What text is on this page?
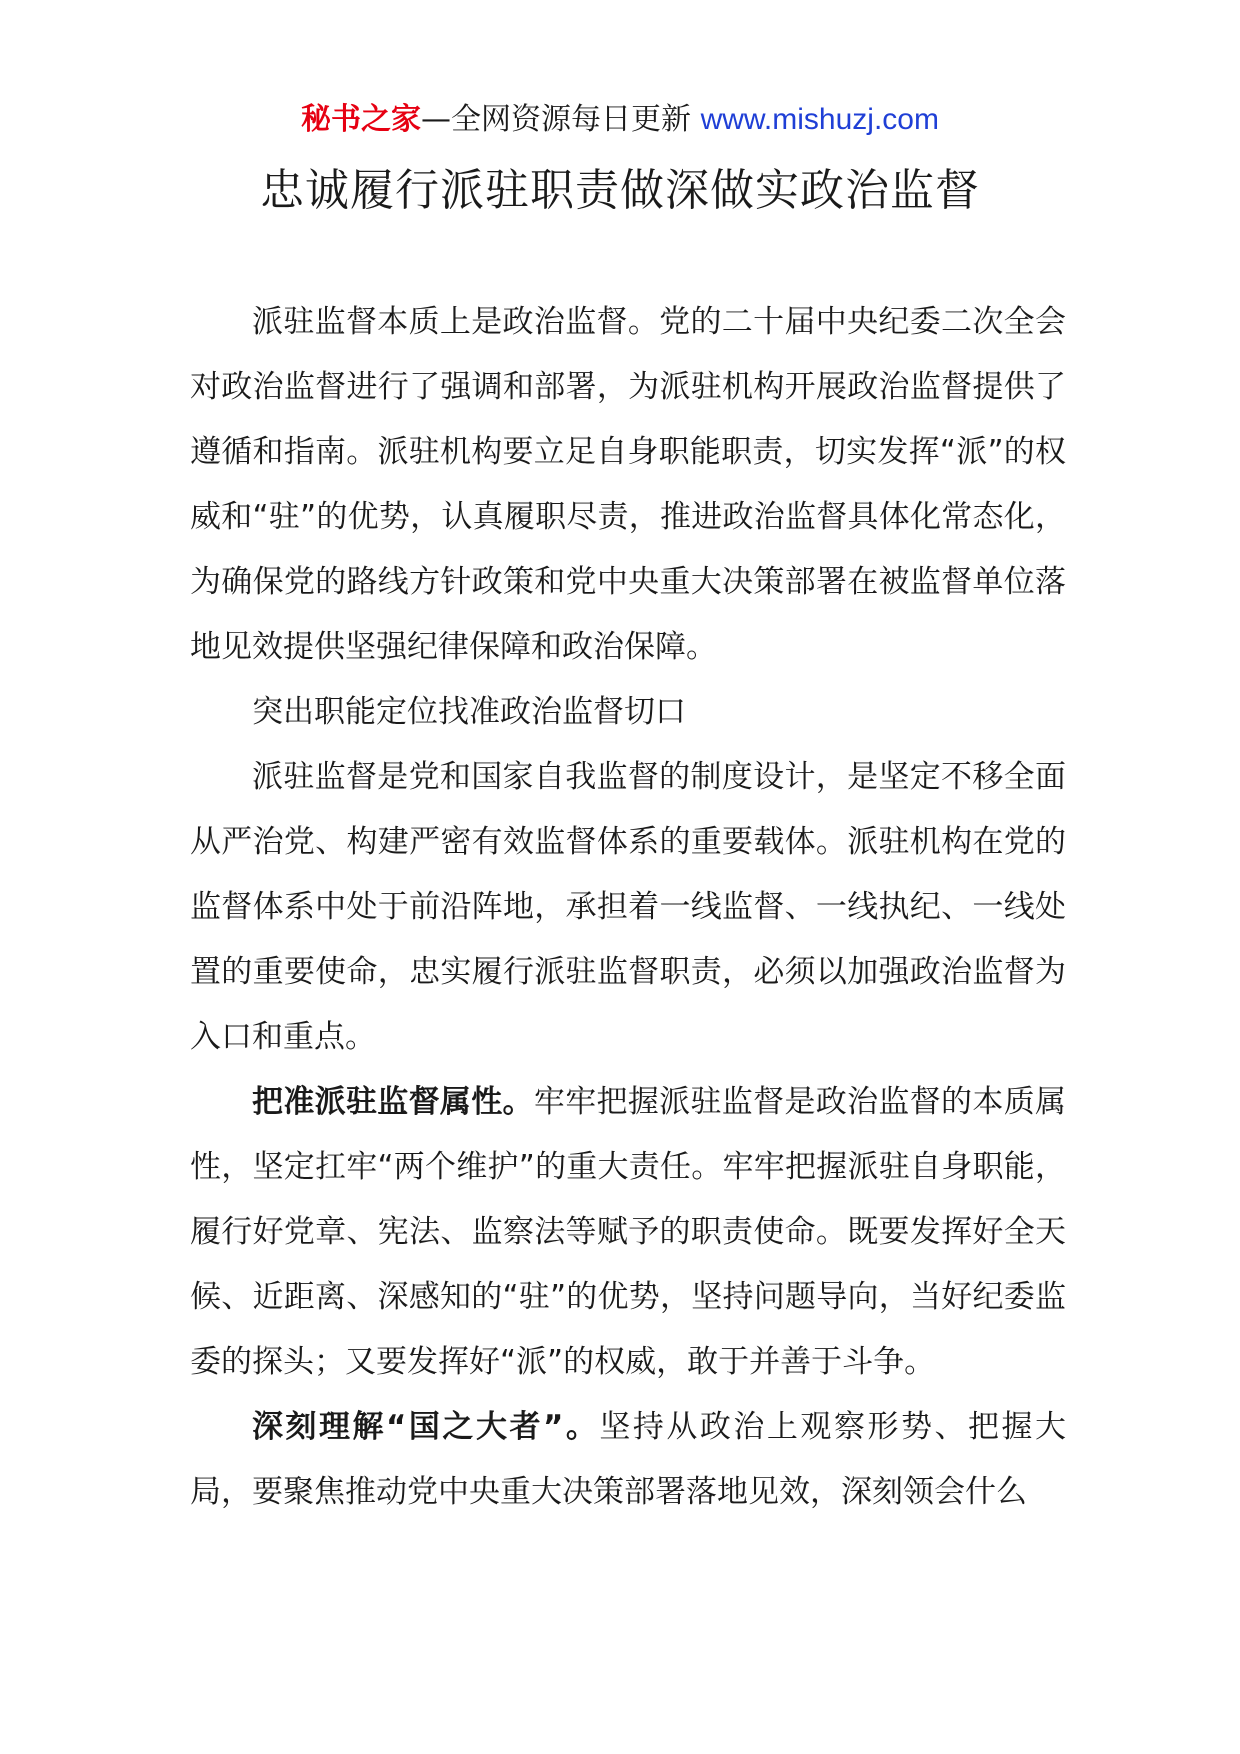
秘书之家—全网资源每日更新 www.mishuzj.com
忠诚履行派驻职责做深做实政治监督

派驻监督本质上是政治监督。党的二十届中央纪委二次全会对政治监督进行了强调和部署，为派驻机构开展政治监督提供了遵循和指南。派驻机构要立足自身职能职责，切实发挥“派”的权威和“驻”的优势，认真履职尽责，推进政治监督具体化常态化，为确保党的路线方针政策和党中央重大决策部署在被监督单位落地见效提供坚强纪律保障和政治保障。

突出职能定位找准政治监督切口

派驻监督是党和国家自我监督的制度设计，是坚定不移全面从严治党、构建严密有效监督体系的重要载体。派驻机构在党的监督体系中处于前沿阵地，承担着一线监督、一线执纪、一线处置的重要使命，忠实履行派驻监督职责，必须以加强政治监督为入口和重点。

把准派驻监督属性。牢牢把握派驻监督是政治监督的本质属性，坚定扛牢“两个维护”的重大责任。牢牢把握派驻自身职能，履行好党章、宪法、监察法等赋予的职责使命。既要发挥好全天候、近距离、深感知的“驻”的优势，坚持问题导向，当好纪委监委的探头；又要发挥好“派”的权威，敢于并善于斗争。

深刻理解“国之大者”。坚持从政治上观察形势、把握大局，要聚焦推动党中央重大决策部署落地见效，深刻领会什么
